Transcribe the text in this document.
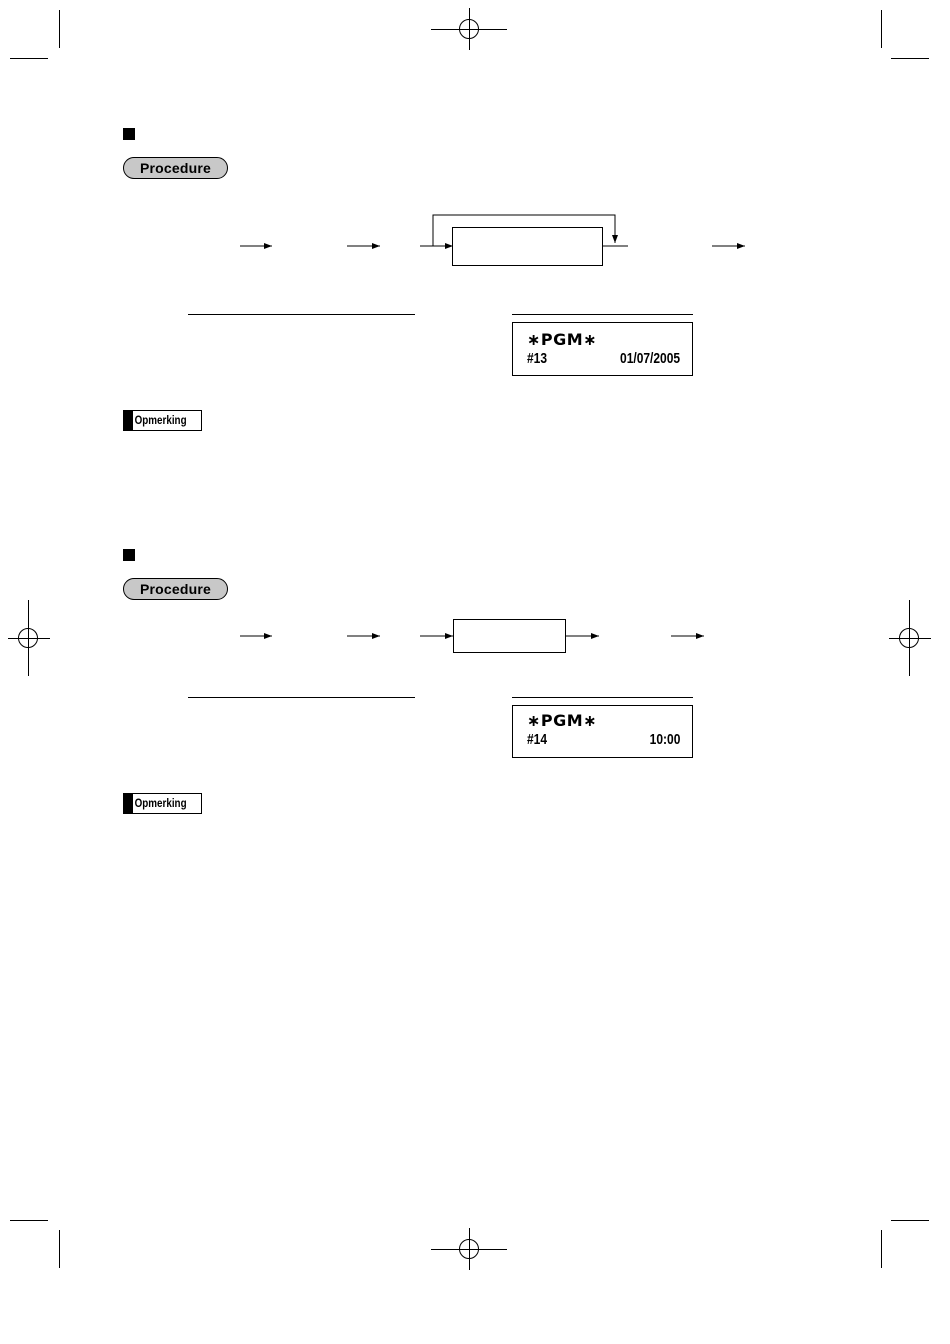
Procedure
∗PGM∗
#13	01/07/2005
Opmerking
Procedure
∗PGM∗
#14	10:00
Opmerking
